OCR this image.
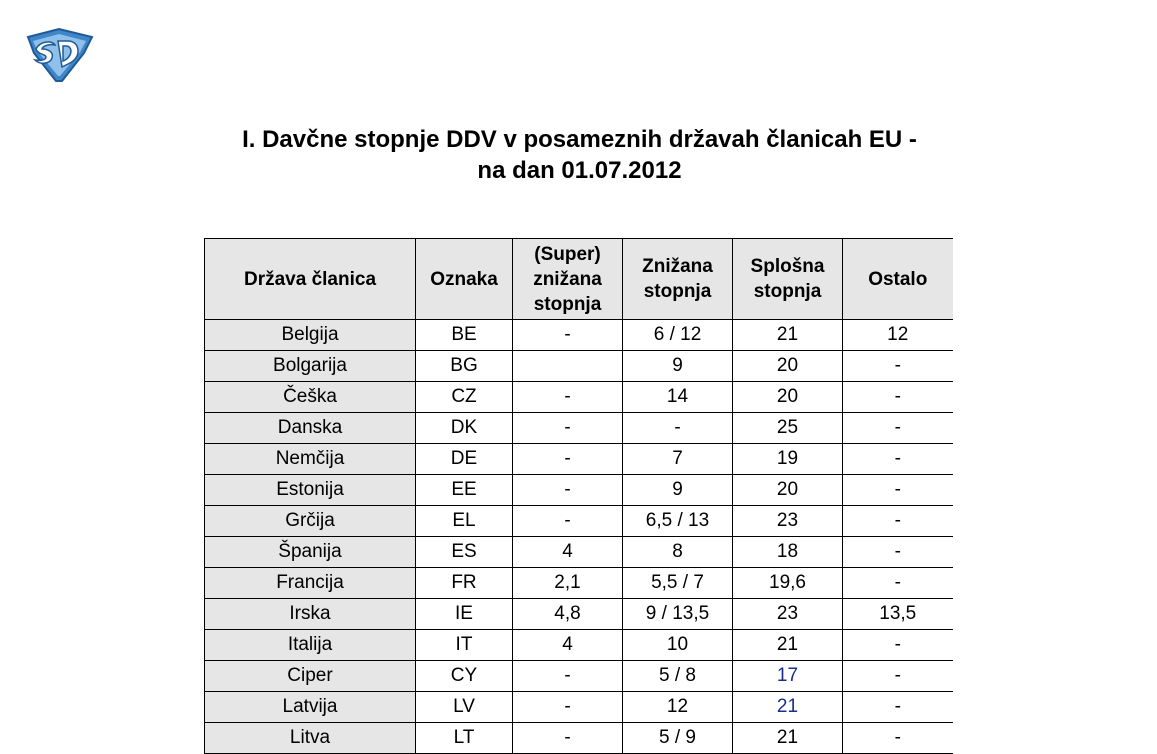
I. Davčne stopnje DDV v posameznih državah članicah EU -
na dan 01.07.2012
Država članica	Oznaka	(Super) znižana stopnja	Znižana stopnja	Splošna stopnja	Ostalo
Belgija	BE	-	6 / 12	21	12
Bolgarija	BG		9	20	-
Češka	CZ	-	14	20	-
Danska	DK	-	-	25	-
Nemčija	DE	-	7	19	-
Estonija	EE	-	9	20	-
Grčija	EL	-	6,5 / 13	23	-
Španija	ES	4	8	18	-
Francija	FR	2,1	5,5 / 7	19,6	-
Irska	IE	4,8	9 / 13,5	23	13,5
Italija	IT	4	10	21	-
Ciper	CY	-	5 / 8	17	-
Latvija	LV	-	12	21	-
Litva	LT	-	5 / 9	21	-
